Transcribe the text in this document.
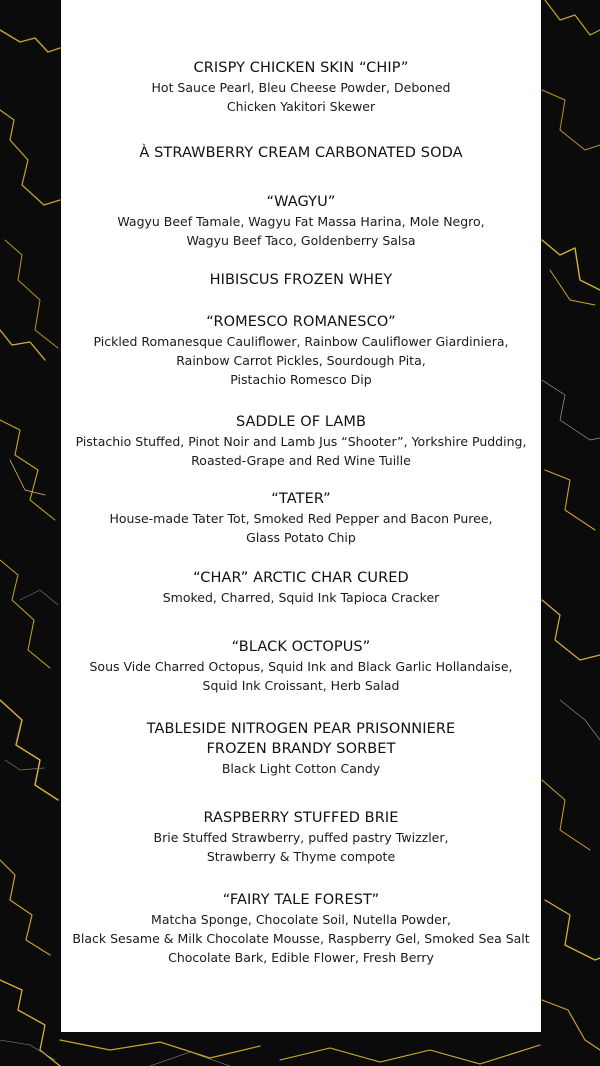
CRISPY CHICKEN SKIN “CHIP”
Hot Sauce Pearl, Bleu Cheese Powder, Deboned
Chicken Yakitori Skewer
À STRAWBERRY CREAM CARBONATED SODA
“WAGYU”
Wagyu Beef Tamale, Wagyu Fat Massa Harina, Mole Negro,
Wagyu Beef Taco, Goldenberry Salsa
HIBISCUS FROZEN WHEY
“ROMESCO ROMANESCO”
Pickled Romanesque Cauliflower, Rainbow Cauliflower Giardiniera,
Rainbow Carrot Pickles, Sourdough Pita,
Pistachio Romesco Dip
SADDLE OF LAMB
Pistachio Stuffed, Pinot Noir and Lamb Jus “Shooter”, Yorkshire Pudding,
Roasted-Grape and Red Wine Tuille
“TATER”
House-made Tater Tot, Smoked Red Pepper and Bacon Puree,
Glass Potato Chip
“CHAR” ARCTIC CHAR CURED
Smoked, Charred, Squid Ink Tapioca Cracker
“BLACK OCTOPUS”
Sous Vide Charred Octopus, Squid Ink and Black Garlic Hollandaise,
Squid Ink Croissant, Herb Salad
TABLESIDE NITROGEN PEAR PRISONNIERE
FROZEN BRANDY SORBET
Black Light Cotton Candy
RASPBERRY STUFFED BRIE
Brie Stuffed Strawberry, puffed pastry Twizzler,
Strawberry & Thyme compote
“FAIRY TALE FOREST”
Matcha Sponge, Chocolate Soil, Nutella Powder,
Black Sesame & Milk Chocolate Mousse, Raspberry Gel, Smoked Sea Salt
Chocolate Bark, Edible Flower, Fresh Berry
